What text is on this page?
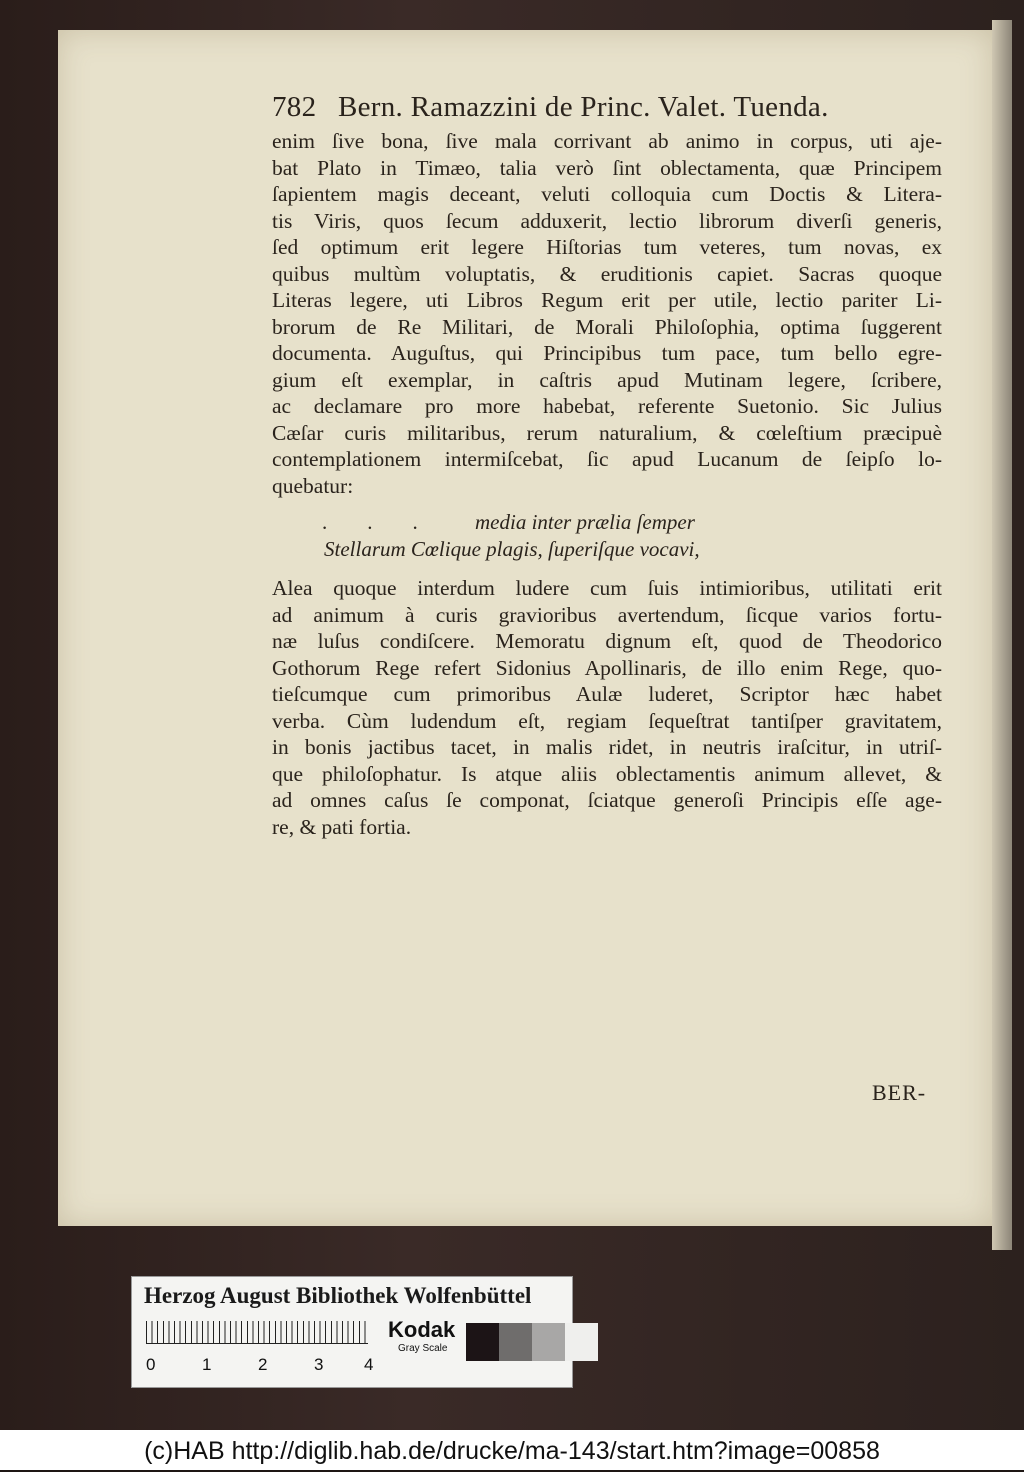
782 Bern. Ramazzini de Princ. Valet. Tuenda.
enim ſive bona, ſive mala corrivant ab animo in corpus, uti aje-
bat Plato in Timæo, talia verò ſint oblectamenta, quæ Principem
ſapientem magis deceant, veluti colloquia cum Doctis & Litera-
tis Viris, quos ſecum adduxerit, lectio librorum diverſi generis,
ſed optimum erit legere Hiſtorias tum veteres, tum novas, ex
quibus multùm voluptatis, & eruditionis capiet. Sacras quoque
Literas legere, uti Libros Regum erit per utile, lectio pariter Li-
brorum de Re Militari, de Morali Philoſophia, optima ſuggerent
documenta. Auguſtus, qui Principibus tum pace, tum bello egre-
gium eſt exemplar, in caſtris apud Mutinam legere, ſcribere,
ac declamare pro more habebat, referente Suetonio. Sic Julius
Cæſar curis militaribus, rerum naturalium, & cœleſtium præcipuè
contemplationem intermiſcebat, ſic apud Lucanum de ſeipſo lo-
quebatur:
... media inter prælia ſemper
Stellarum Cœlique plagis, ſuperiſque vocavi,
Alea quoque interdum ludere cum ſuis intimioribus, utilitati erit
ad animum à curis gravioribus avertendum, ſicque varios fortu-
næ luſus condiſcere. Memoratu dignum eſt, quod de Theodorico
Gothorum Rege refert Sidonius Apollinaris, de illo enim Rege, quo-
tieſcumque cum primoribus Aulæ luderet, Scriptor hæc habet
verba. Cùm ludendum eſt, regiam ſequeſtrat tantiſper gravitatem,
in bonis jactibus tacet, in malis ridet, in neutris iraſcitur, in utriſ-
que philoſophatur. Is atque aliis oblectamentis animum allevet, &
ad omnes caſus ſe componat, ſciatque generoſi Principis eſſe age-
re, & pati fortia.
BER-
Herzog August Bibliothek Wolfenbüttel
0	1	2	3 4
Kodak
Gray Scale
(c)HAB http://diglib.hab.de/drucke/ma-143/start.htm?image=00858
